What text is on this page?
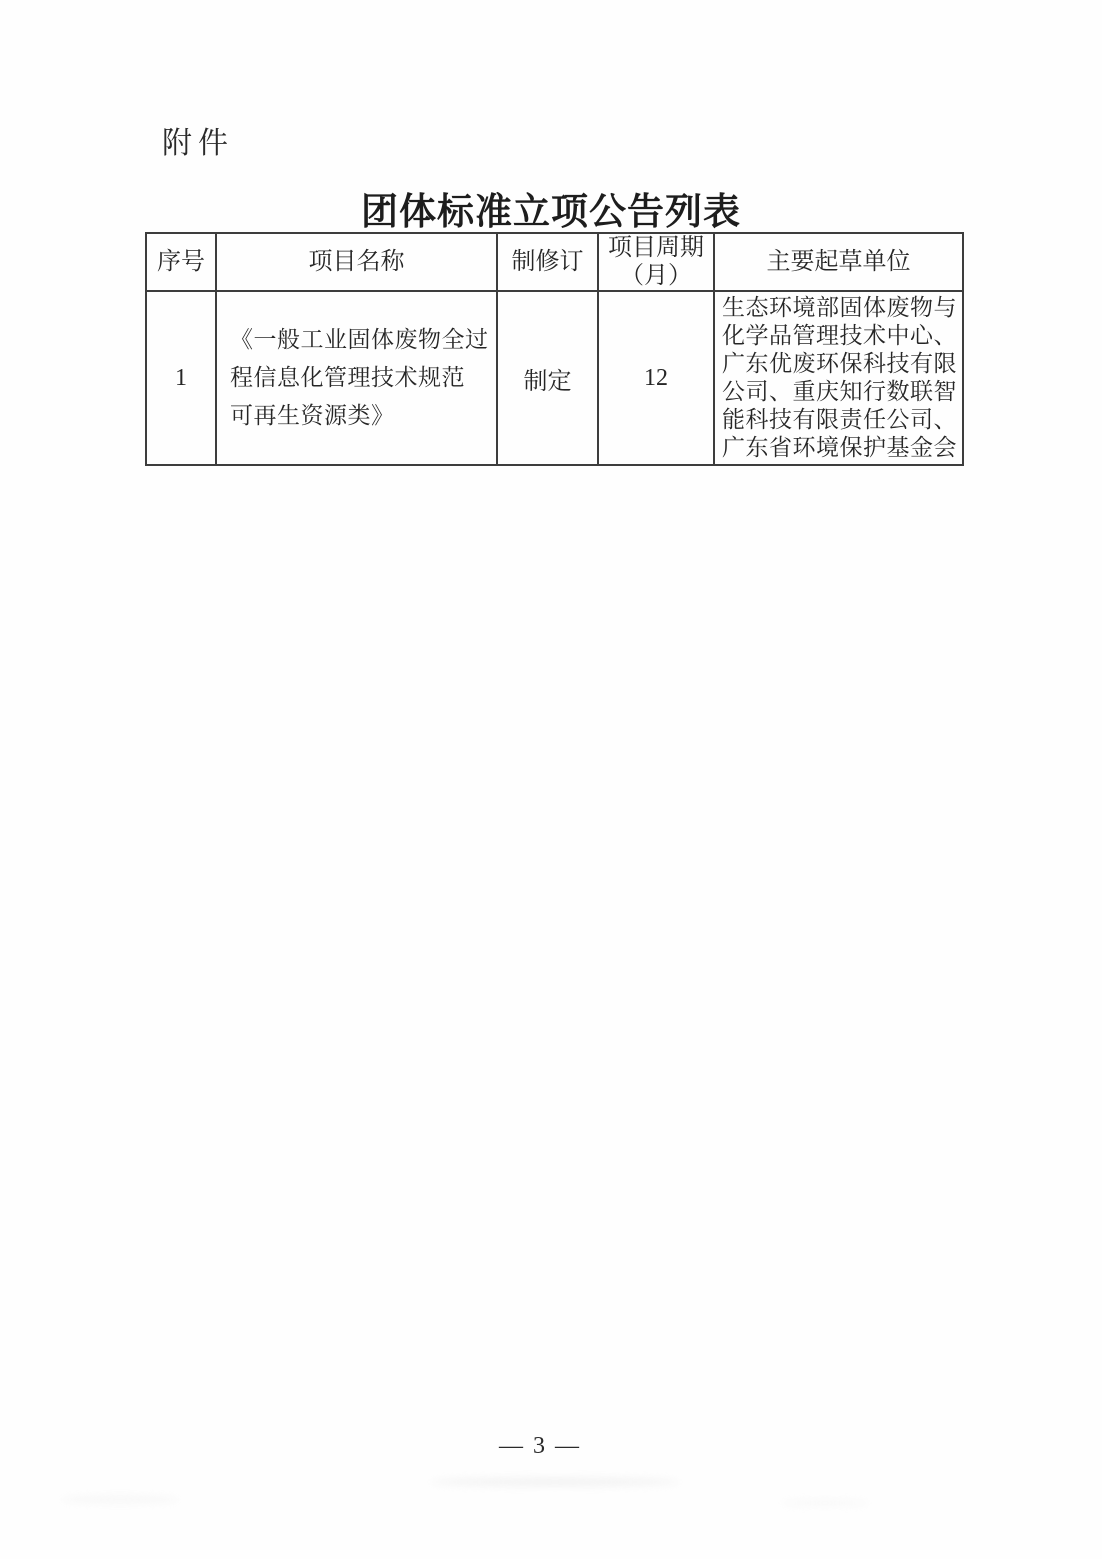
附件
团体标准立项公告列表
序号	项目名称	制修订	项目周期（月）	主要起草单位
1	《一般工业固体废物全过程信息化管理技术规范 可再生资源类》	制定	12	生态环境部固体废物与化学品管理技术中心、广东优废环保科技有限公司、重庆知行数联智能科技有限责任公司、广东省环境保护基金会
— 3 —
